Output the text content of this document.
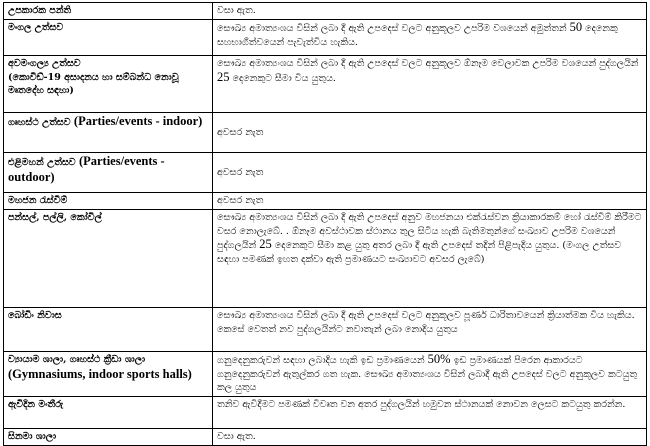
උපකාරක පන්ති	වසා ඇත.
මංගල උත්සව	සෞඛ්‍ය අමාත්‍යංශය විසින් ලබා දී ඇති උපදෙස් වලට අනුකූලව උපරිම වශයෙන් අමුත්තන් 50 දෙනෙකු සහභාගීත්වයෙන් පැවැත්විය හැකිය.

අවමංගල්‍ය උත්සව
(කොවිඩ්-19 අසාදනය හා සම්බන්ධ නොවූ මෘතදේහ සඳහා)	සෞඛ්‍ය අමාත්‍යංශය විසින් ලබා දී ඇති උපදෙස් වලට අනුකූලව ඕනෑම වෙලාවක උපරිම වශයෙන් පුද්ගලයින් 25 දෙනෙකුට සීමා විය යුතුය.
ගෘහස්ථ උත්සව (Parties/events - indoor)	අවසර නැත
එළිමහන් උත්සව (Parties/events - outdoor)	අවසර නැත
මහජන රැස්වීම්	අවසර නැත
පන්සල්, පල්ලි, කෝවිල්	සෞඛ්‍ය අමාත්‍යංශය විසින් ලබා දී ඇති උපදෙස් අනුව මහජනයා එක්රැස්වන ක්‍රියාකාරකම් හෝ රැස්වීම් කිරීමට වසර නොලැබේ. . ඕනෑම අවස්ථාවක ස්ථානය තුල සිටිය හැකි බැතිමතුන්ගේ සංඛ්‍යාව උපරිම වශයෙන් පුද්ගලයින් 25 දෙනෙකුට සීමා කළ යුතු අතර ලබා දී ඇති උපදෙස් තදින් පිළිපැදිය යුතුය. (මංගල උත්සව සඳහා පමණක් ඉහත දක්වා ඇති ප්‍රමාණයට සංඛ්‍යාවට අවසර ලැබේ)
බෝඩිං නිවාස	සෞඛ්‍ය අමාත්‍යංශය විසින් ලබා දී ඇති උපදෙස් වලට අනුකූලව පූර්ණ ධාරිතාවයෙන් ක්‍රියාත්මක විය හැකිය. කෙසේ වෙතත් නව පුද්ගලයින්ට නවාතැන් ලබා නොදිය යුතුය

ව්‍යායාම ශාලා, ගෘහස්ථ ක්‍රීඩා ශාලා
(Gymnasiums, indoor sports halls)	ගනුදෙනුකරුවන් සඳහා ලබාදිය හැකි ඉඩ ප්‍රමාණයෙන් 50% ඉඩ ප්‍රමාණයක් පිරෙන ආකාරයට ගනුදෙනුකරුවන් ඇතුල්කර ගත හැක. සෞඛ්‍ය අමාත්‍යංශය විසින් ලබාදී ඇති උපදෙස් වලට අනුකූලව කටයුතු කල යුතුය
ඇවිදින මංතීරු	තනිව ඇවිදීමට පමණක් විවෘත වන අතර පුද්ගලයින් හමුවන ස්ථානයක් නොවන ලෙසට කටයුතු කරන්න.
සිනමා ශාලා	වසා ඇත.
